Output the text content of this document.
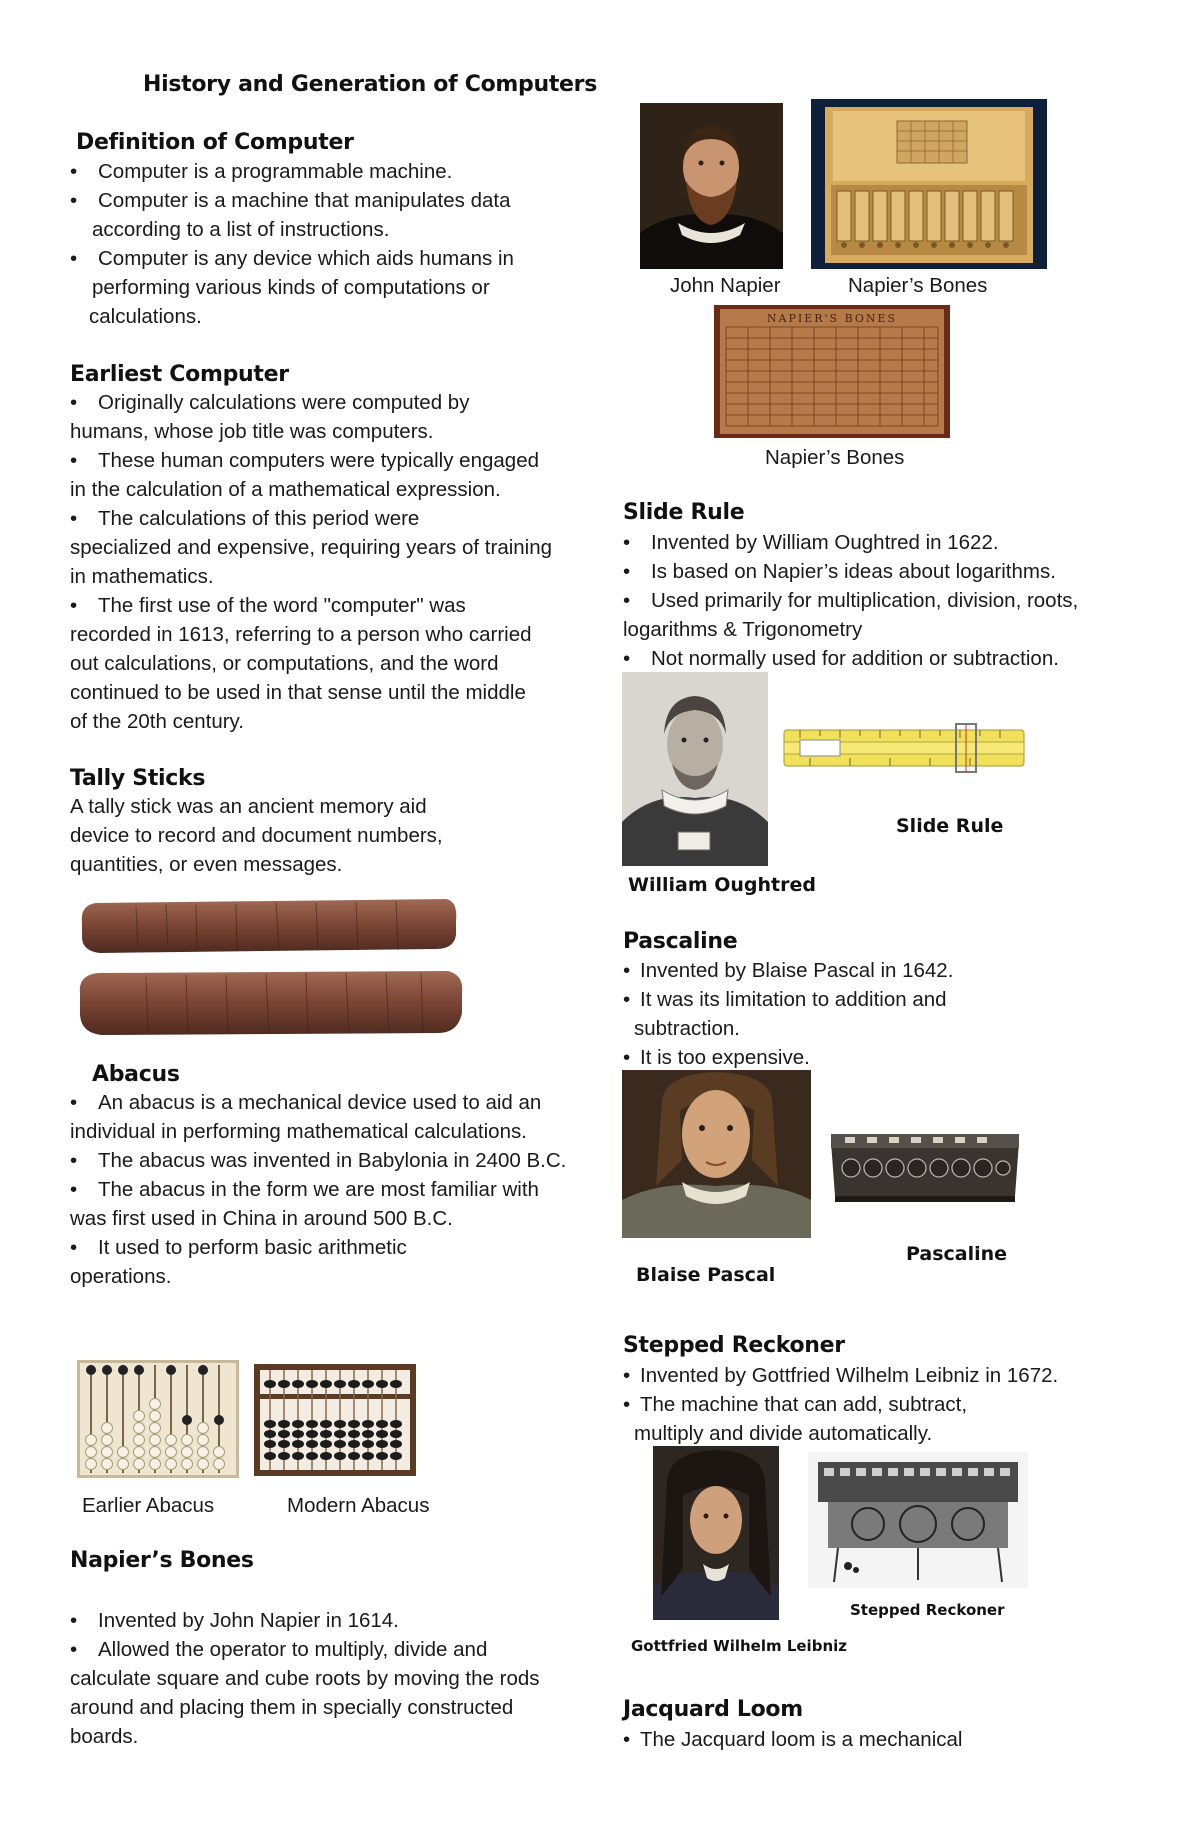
History and Generation of Computers
Definition of Computer
• Computer is a programmable machine.
• Computer is a machine that manipulates data
according to a list of instructions.
• Computer is any device which aids humans in
performing various kinds of computations or
calculations.
Earliest Computer
• Originally calculations were computed by
humans, whose job title was computers.
• These human computers were typically engaged
in the calculation of a mathematical expression.
• The calculations of this period were
specialized and expensive, requiring years of training
in mathematics.
• The first use of the word "computer" was
recorded in 1613, referring to a person who carried
out calculations, or computations, and the word
continued to be used in that sense until the middle
of the 20th century.
Tally Sticks
A tally stick was an ancient memory aid
device to record and document numbers,
quantities, or even messages.
Abacus
• An abacus is a mechanical device used to aid an
individual in performing mathematical calculations.
• The abacus was invented in Babylonia in 2400 B.C.
• The abacus in the form we are most familiar with
was first used in China in around 500 B.C.
• It used to perform basic arithmetic
operations.
Earlier Abacus	Modern Abacus
Napier’s Bones
• Invented by John Napier in 1614.
• Allowed the operator to multiply, divide and
calculate square and cube roots by moving the rods
around and placing them in specially constructed
boards.
John Napier	Napier’s Bones
NAPIER'S BONES
Napier’s Bones
Slide Rule
• Invented by William Oughtred in 1622.
• Is based on Napier’s ideas about logarithms.
• Used primarily for multiplication, division, roots,
logarithms & Trigonometry
• Not normally used for addition or subtraction.
Slide Rule
William Oughtred
Pascaline
• Invented by Blaise Pascal in 1642.
• It was its limitation to addition and
subtraction.
• It is too expensive.
Pascaline
Blaise Pascal
Stepped Reckoner
• Invented by Gottfried Wilhelm Leibniz in 1672.
• The machine that can add, subtract,
multiply and divide automatically.
Stepped Reckoner
Gottfried Wilhelm Leibniz
Jacquard Loom
• The Jacquard loom is a mechanical
